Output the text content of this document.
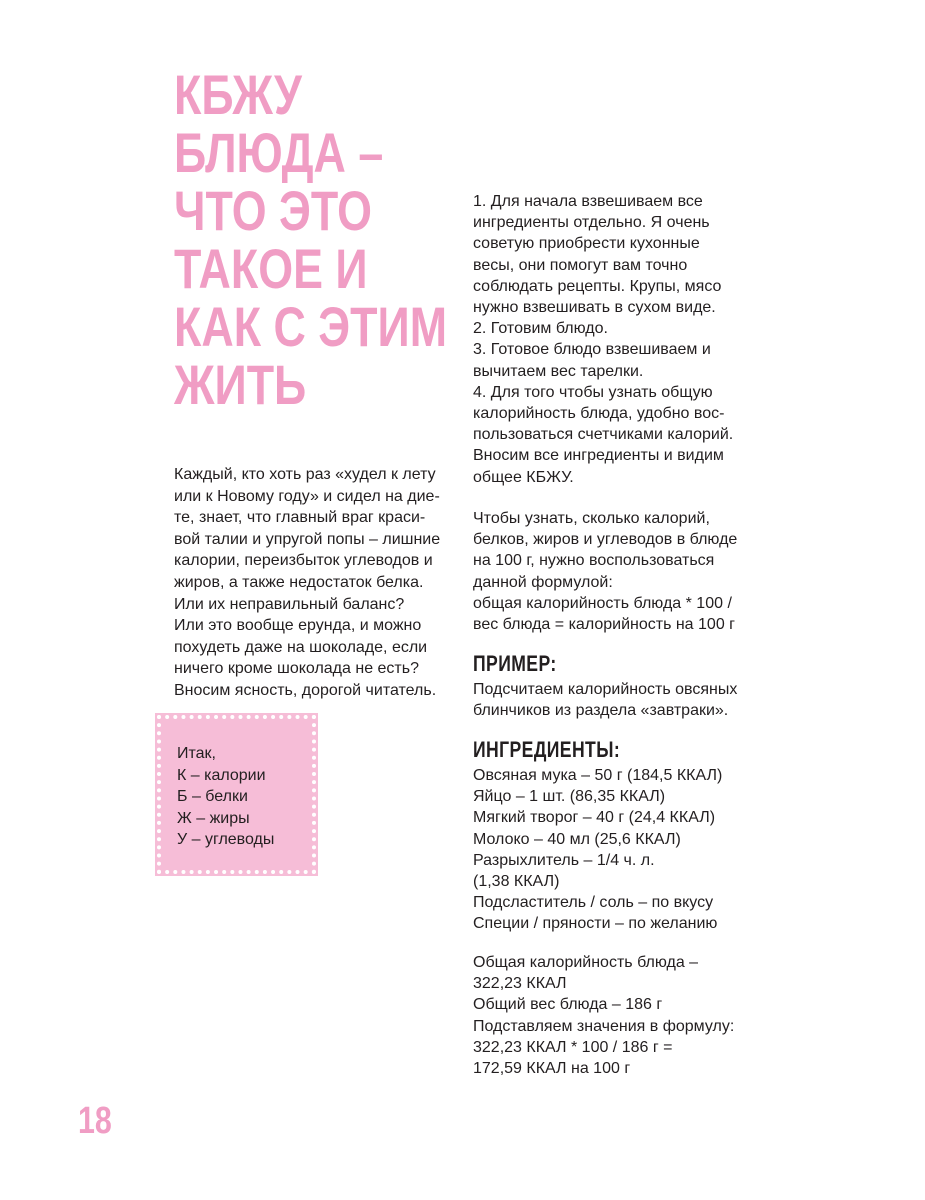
КБЖУ
БЛЮДА –
ЧТО ЭТО
ТАКОЕ И
КАК С ЭТИМ
ЖИТЬ

Каждый, кто хоть раз «худел к лету
или к Новому году» и сидел на дие-
те, знает, что главный враг краси-
вой талии и упругой попы – лишние
калории, переизбыток углеводов и
жиров, а также недостаток белка.
Или их неправильный баланс?
Или это вообще ерунда, и можно
похудеть даже на шоколаде, если
ничего кроме шоколада не есть?
Вносим ясность, дорогой читатель.

Итак,
К – калории
Б – белки
Ж – жиры
У – углеводы
1. Для начала взвешиваем все
ингредиенты отдельно. Я очень
советую приобрести кухонные
весы, они помогут вам точно
соблюдать рецепты. Крупы, мясо
нужно взвешивать в сухом виде.
2. Готовим блюдо.
3. Готовое блюдо взвешиваем и
вычитаем вес тарелки.
4. Для того чтобы узнать общую
калорийность блюда, удобно вос-
пользоваться счетчиками калорий.
Вносим все ингредиенты и видим
общее КБЖУ.
Чтобы узнать, сколько калорий,
белков, жиров и углеводов в блюде
на 100 г, нужно воспользоваться
данной формулой:
общая калорийность блюда * 100 /
вес блюда = калорийность на 100 г
ПРИМЕР:
Подсчитаем калорийность овсяных
блинчиков из раздела «завтраки».
ИНГРЕДИЕНТЫ:
Овсяная мука – 50 г (184,5 ККАЛ)
Яйцо – 1 шт. (86,35 ККАЛ)
Мягкий творог – 40 г (24,4 ККАЛ)
Молоко – 40 мл (25,6 ККАЛ)
Разрыхлитель – 1/4 ч. л.
(1,38 ККАЛ)
Подсластитель / соль – по вкусу
Специи / пряности – по желанию
Общая калорийность блюда –
322,23 ККАЛ
Общий вес блюда – 186 г
Подставляем значения в формулу:
322,23 ККАЛ * 100 / 186 г =
172,59 ККАЛ на 100 г
18
